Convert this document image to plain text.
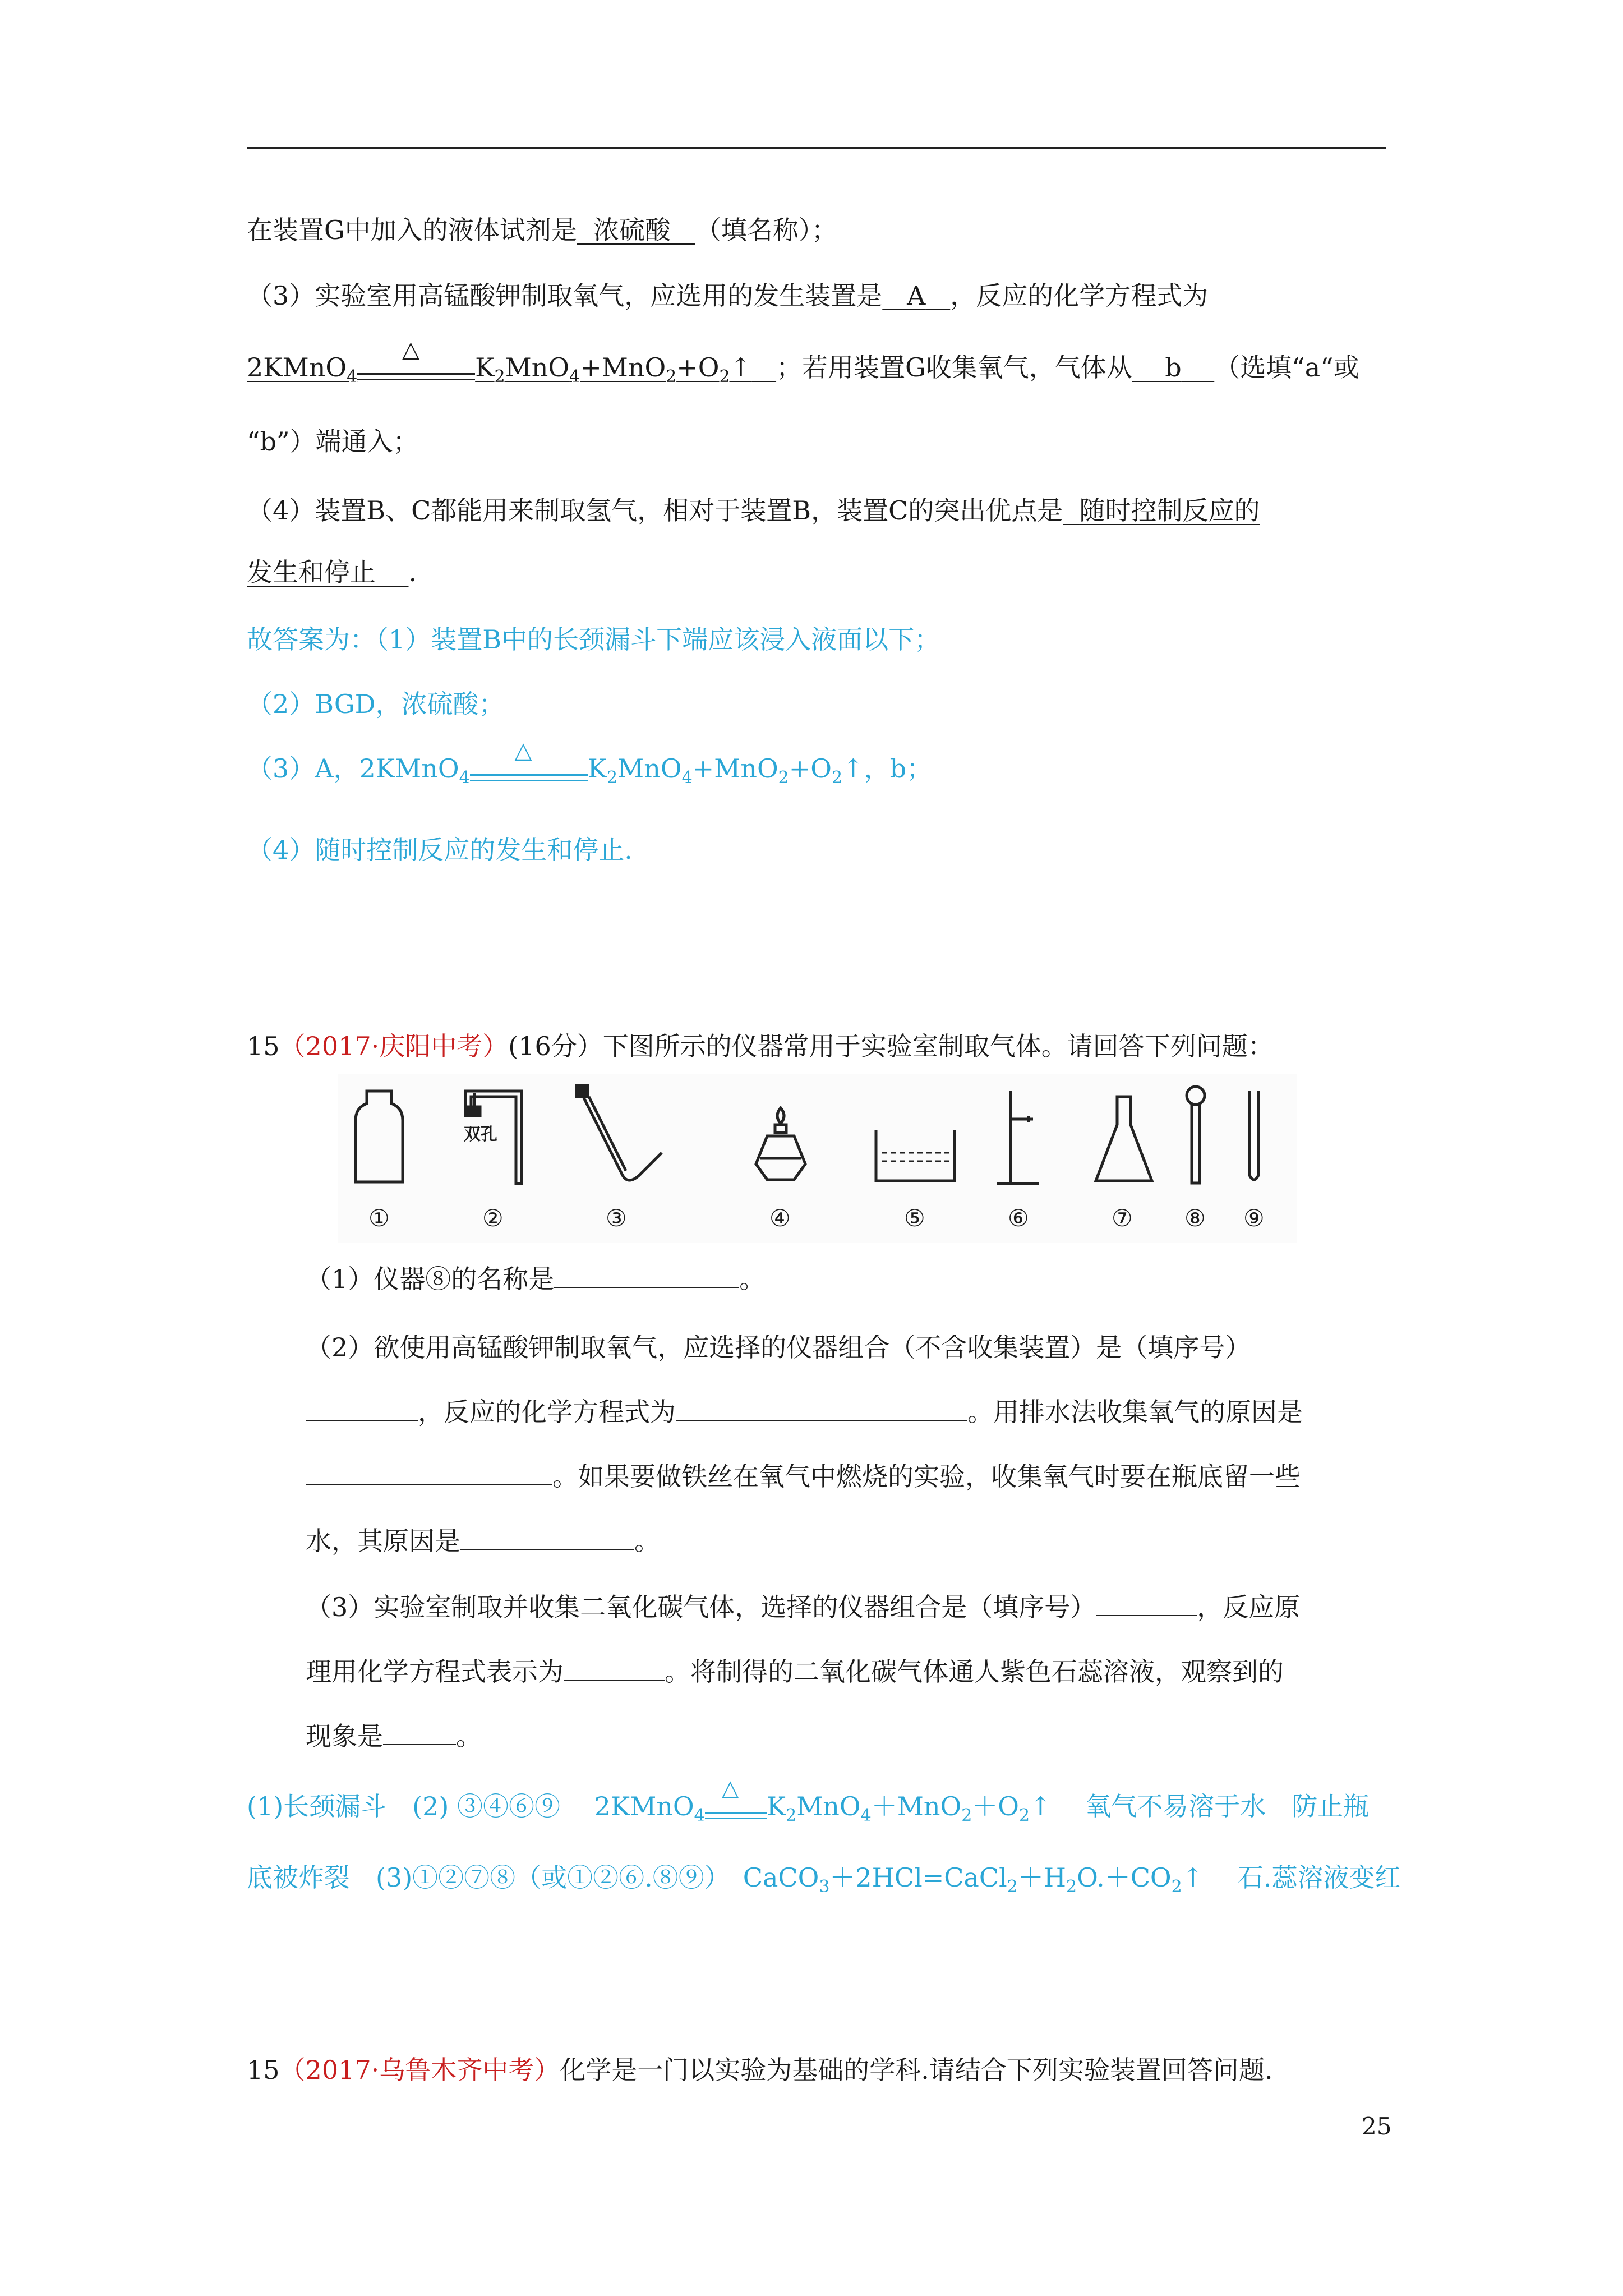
在装置G中加入的液体试剂是 浓硫酸 （填名称）；
（3）实验室用高锰酸钾制取氧气，应选用的发生装置是 A ，反应的化学方程式为
2KMnO$_4$
△
$K_2MnO_4+MnO_2+O_2↑$ ；若用装置G收集氧气，气体从 b （选填“a“或
“b”）端通入；
（4）装置B、C都能用来制取氢气，相对于装置B，装置C的突出优点是 随时控制反应的
发生和停止 .
故答案为：（1）装置B中的长颈漏斗下端应该浸入液面以下；
（2）BGD，浓硫酸；
（3）A，2KMnO$_4$
△
$K_2MnO_4+MnO_2+O_2↑$，b；
（4）随时控制反应的发生和停止.
15（2017·庆阳中考）(16分）下图所示的仪器常用于实验室制取气体。请回答下列问题：
双孔
①	②	③	④	⑤	⑥	⑦ ⑧ ⑨
（1）仪器⑧的名称是	。
（2）欲使用高锰酸钾制取氧气，应选择的仪器组合（不含收集装置）是（填序号）
，反应的化学方程式为	。用排水法收集氧气的原因是
。如果要做铁丝在氧气中燃烧的实验，收集氧气时要在瓶底留一些
水，其原因是	。
（3）实验室制取并收集二氧化碳气体，选择的仪器组合是（填序号）	，反应原
理用化学方程式表示为	。将制得的二氧化碳气体通人紫色石蕊溶液，观察到的
现象是	。
(1)长颈漏斗　(2) ③④⑥⑨　 2KMnO$_4$
△
$K_2MnO_4+MnO_2+O_2↑$　 氧气不易溶于水　防止瓶
底被炸裂　(3)①②⑦⑧（或①②⑥.⑧⑨）　$CaCO_3+2HCl=CaCl_2+H_2O.+CO_2↑$　 石.蕊溶液变红
15（2017·乌鲁木齐中考）化学是一门以实验为基础的学科.请结合下列实验装置回答问题.
25
